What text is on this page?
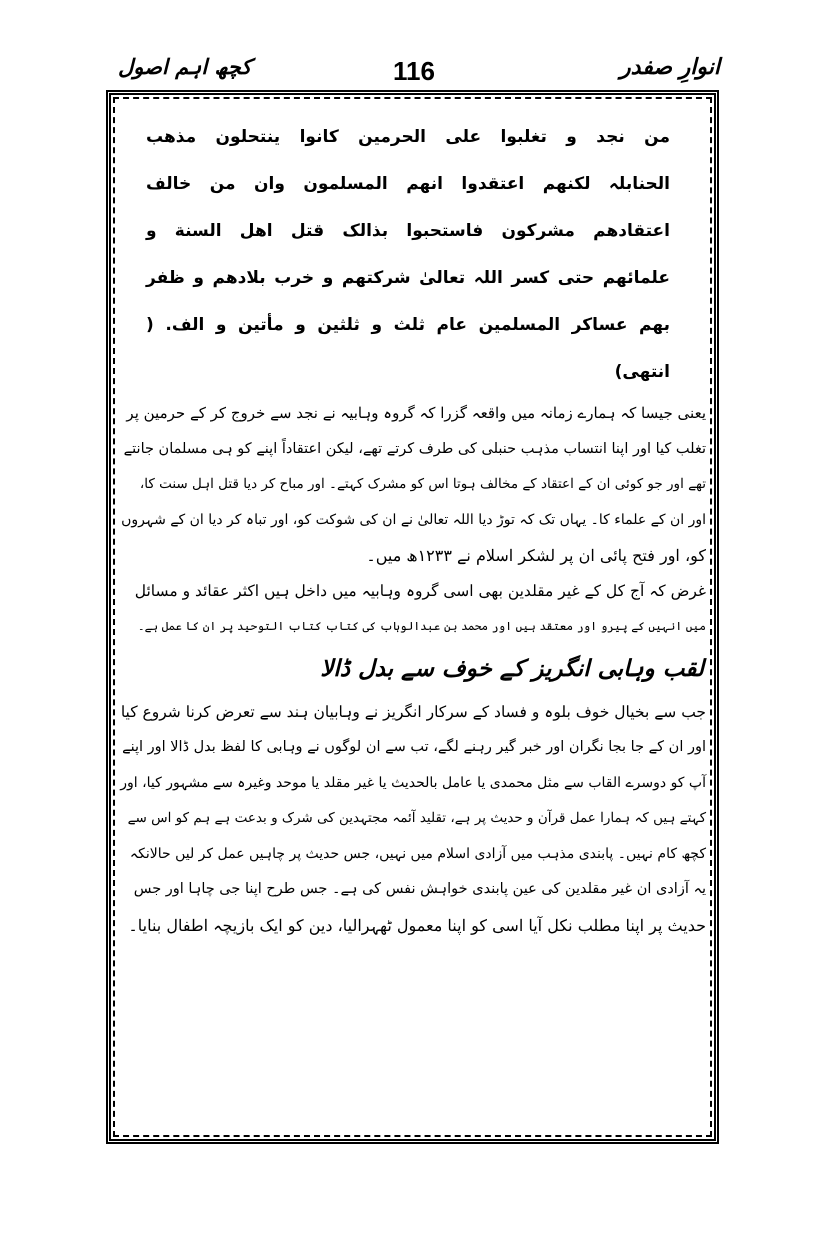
انوارِ صفدر
116
کچھ اہم اصول
من نجد و تغلبوا علی الحرمین کانوا ینتحلون مذھب
الحنابلہ لکنھم اعتقدوا انھم المسلمون وان من خالف
اعتقادھم مشرکون فاستحبوا بذالک قتل اھل السنة و
علمائھم حتی کسر اللہ تعالیٰ شرکتھم و خرب بلادھم و ظفر
بھم عساکر المسلمین عام ثلث و ثلثین و مأتین و الف. (
انتھی)
یعنی جیسا کہ ہمارے زمانہ میں واقعہ گزرا کہ گروہ وہابیہ نے نجد سے خروج کر کے حرمین پر
تغلب کیا اور اپنا انتساب مذہب حنبلی کی طرف کرتے تھے، لیکن اعتقاداً اپنے کو ہی مسلمان جانتے
تھے اور جو کوئی ان کے اعتقاد کے مخالف ہوتا اس کو مشرک کہتے۔ اور مباح کر دیا قتل اہل سنت کا،
اور ان کے علماء کا۔ یہاں تک کہ توڑ دیا اللہ تعالیٰ نے ان کی شوکت کو، اور تباہ کر دیا ان کے شہروں
کو، اور فتح پائی ان پر لشکر اسلام نے ۱۲۳۳ھ میں۔
غرض کہ آج کل کے غیر مقلدین بھی اسی گروہ وہابیہ میں داخل ہیں اکثر عقائد و مسائل
میں انہیں کے پیرو اور معتقد ہیں اور محمد بن عبدالوہاب کی کتاب کتاب التوحید پر ان کا عمل ہے۔
لقب وہابی انگریز کے خوف سے بدل ڈالا
جب سے بخیال خوف بلوہ و فساد کے سرکار انگریز نے وہابیان ہند سے تعرض کرنا شروع کیا
اور ان کے جا بجا نگران اور خبر گیر رہنے لگے، تب سے ان لوگوں نے وہابی کا لفظ بدل ڈالا اور اپنے
آپ کو دوسرے القاب سے مثل محمدی یا عامل بالحدیث یا غیر مقلد یا موحد وغیرہ سے مشہور کیا، اور
کہتے ہیں کہ ہمارا عمل قرآن و حدیث پر ہے، تقلید آئمہ مجتہدین کی شرک و بدعت ہے ہم کو اس سے
کچھ کام نہیں۔ پابندی مذہب میں آزادی اسلام میں نہیں، جس حدیث پر چاہیں عمل کر لیں حالانکہ
یہ آزادی ان غیر مقلدین کی عین پابندی خواہش نفس کی ہے۔ جس طرح اپنا جی چاہا اور جس
حدیث پر اپنا مطلب نکل آیا اسی کو اپنا معمول ٹھہرالیا، دین کو ایک بازیچہ اطفال بنایا۔
